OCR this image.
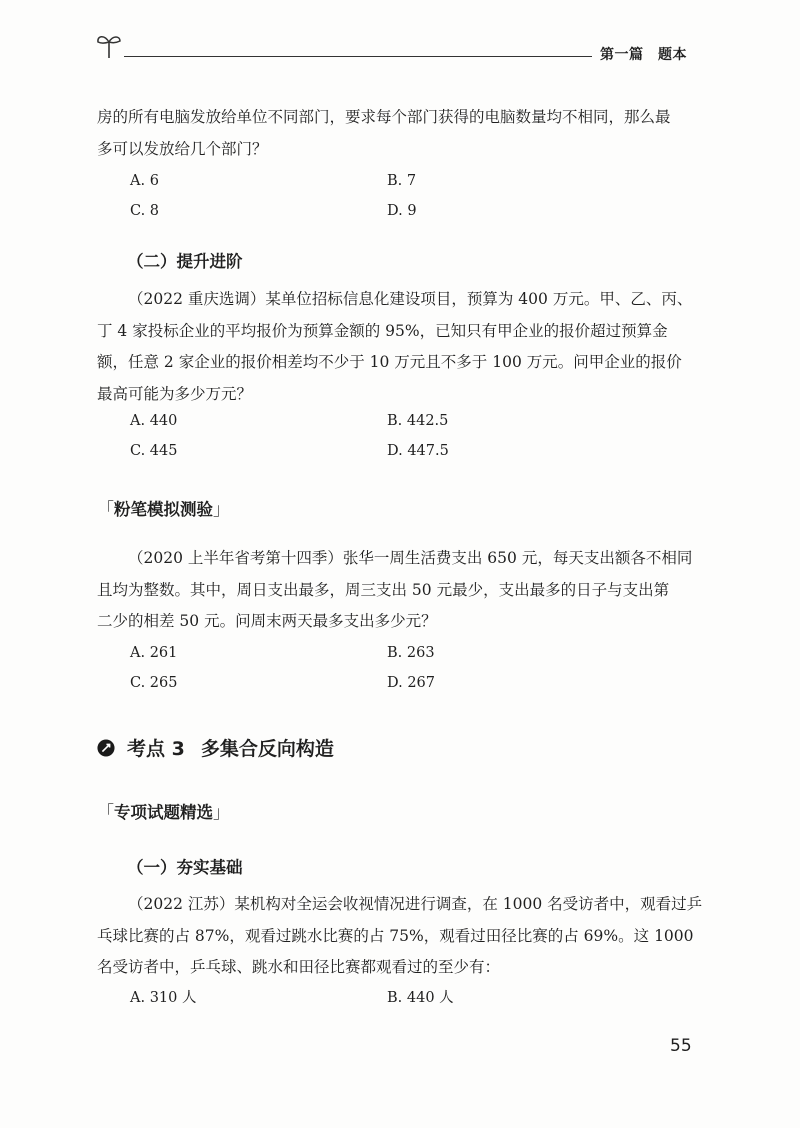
第一篇　题本

房的所有电脑发放给单位不同部门，要求每个部门获得的电脑数量均不相同，那么最

多可以发放给几个部门？

A. 6	B. 7
C. 8	D. 9
（二）提升进阶

（2022 重庆选调）某单位招标信息化建设项目，预算为 400 万元。甲、乙、丙、

丁 4 家投标企业的平均报价为预算金额的 95%，已知只有甲企业的报价超过预算金

额，任意 2 家企业的报价相差均不少于 10 万元且不多于 100 万元。问甲企业的报价

最高可能为多少万元？

A. 440	B. 442.5
C. 445	D. 447.5
「粉笔模拟测验」

（2020 上半年省考第十四季）张华一周生活费支出 650 元，每天支出额各不相同

且均为整数。其中，周日支出最多，周三支出 50 元最少，支出最多的日子与支出第

二少的相差 50 元。问周末两天最多支出多少元？

A. 261	B. 263
C. 265	D. 267
考点 3 多集合反向构造
「专项试题精选」
（一）夯实基础

（2022 江苏）某机构对全运会收视情况进行调查，在 1000 名受访者中，观看过乒

乓球比赛的占 87%，观看过跳水比赛的占 75%，观看过田径比赛的占 69%。这 1000

名受访者中，乒乓球、跳水和田径比赛都观看过的至少有：

A. 310 人	B. 440 人
55
